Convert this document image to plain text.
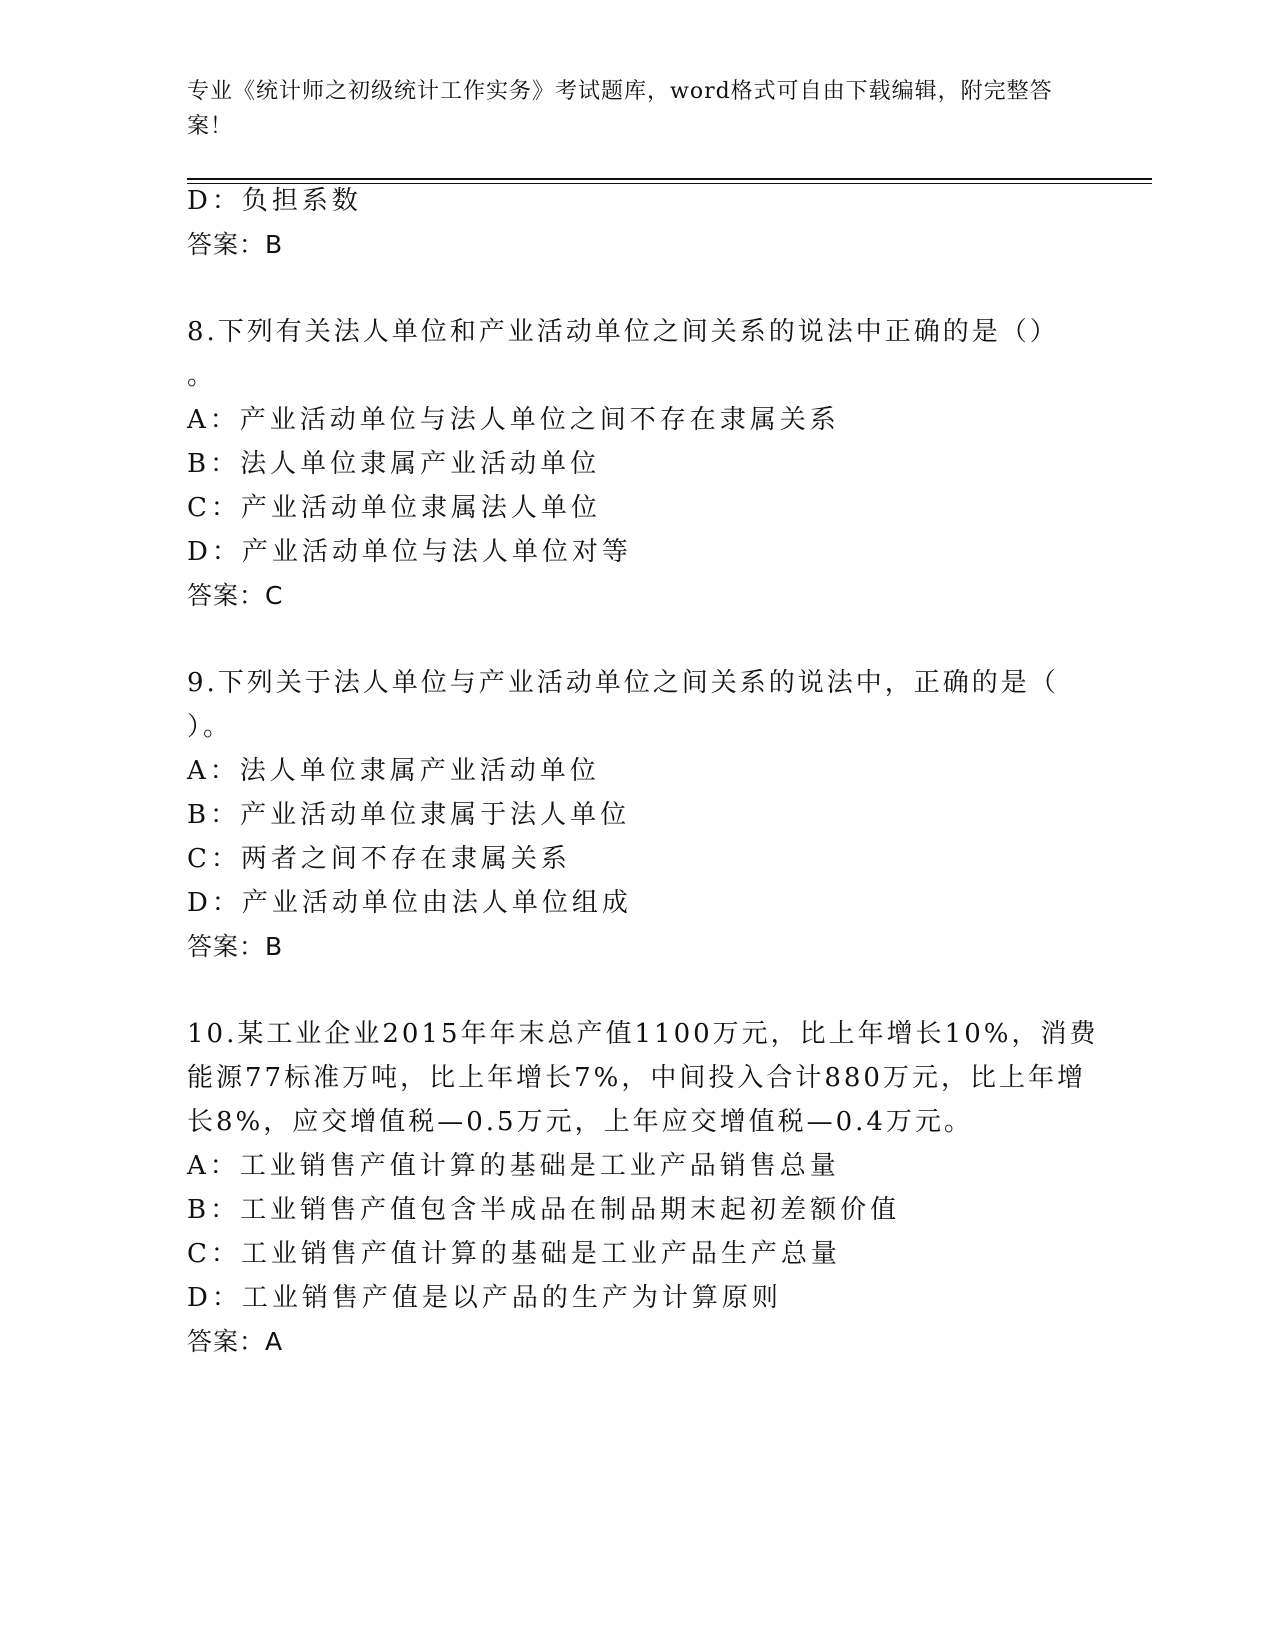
专业《统计师之初级统计工作实务》考试题库，word格式可自由下载编辑，附完整答案！
D：负担系数
答案：B
8.下列有关法人单位和产业活动单位之间关系的说法中正确的是（）
。
A：产业活动单位与法人单位之间不存在隶属关系
B：法人单位隶属产业活动单位
C：产业活动单位隶属法人单位
D：产业活动单位与法人单位对等
答案：C
9.下列关于法人单位与产业活动单位之间关系的说法中，正确的是（
）。
A：法人单位隶属产业活动单位
B：产业活动单位隶属于法人单位
C：两者之间不存在隶属关系
D：产业活动单位由法人单位组成
答案：B
10.某工业企业2015年年末总产值1100万元，比上年增长10%，消费
能源77标准万吨，比上年增长7%，中间投入合计880万元，比上年增
长8%，应交增值税—0.5万元，上年应交增值税—0.4万元。
A：工业销售产值计算的基础是工业产品销售总量
B：工业销售产值包含半成品在制品期末起初差额价值
C：工业销售产值计算的基础是工业产品生产总量
D：工业销售产值是以产品的生产为计算原则
答案：A
